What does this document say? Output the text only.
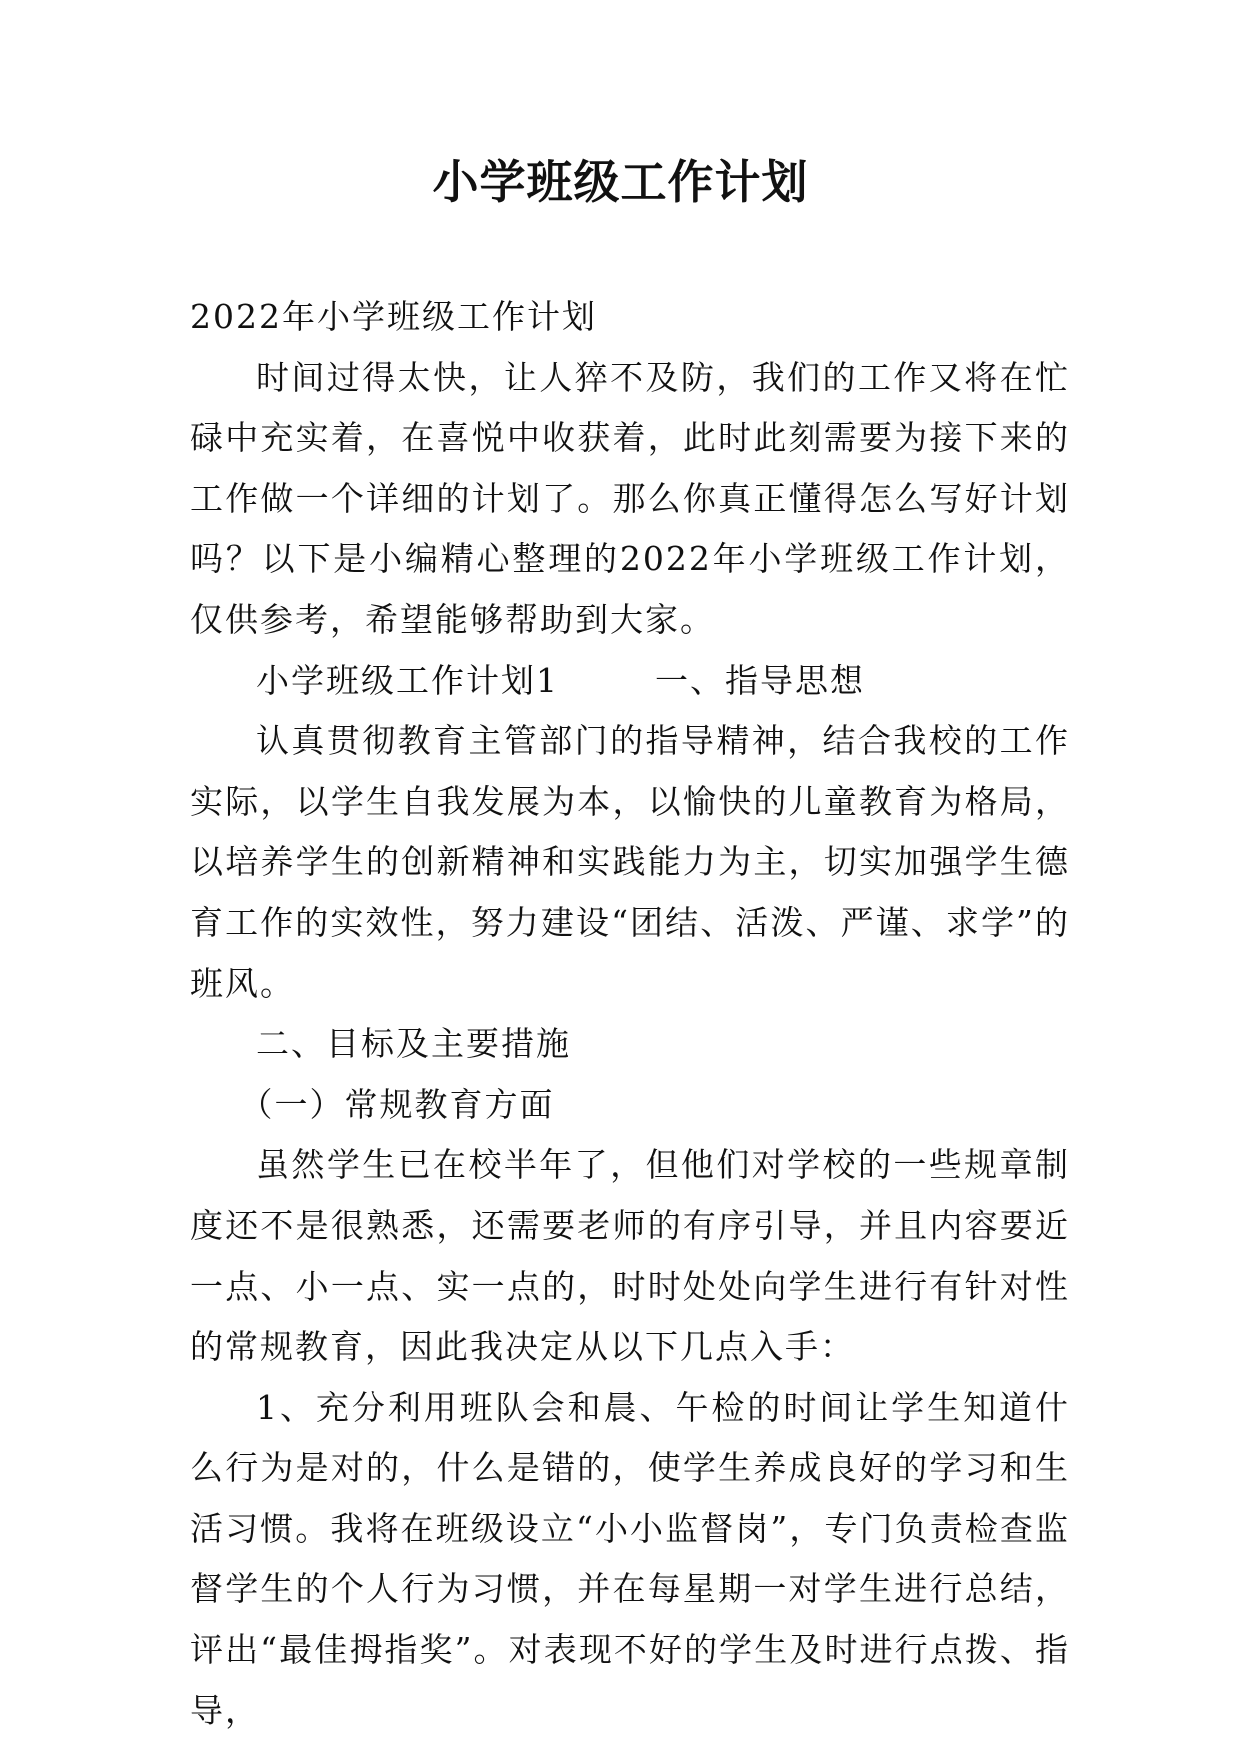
小学班级工作计划

2022年小学班级工作计划

时间过得太快，让人猝不及防，我们的工作又将在忙碌中充实着，在喜悦中收获着，此时此刻需要为接下来的工作做一个详细的计划了。那么你真正懂得怎么写好计划吗？以下是小编精心整理的2022年小学班级工作计划，仅供参考，希望能够帮助到大家。

小学班级工作计划1	一、指导思想

认真贯彻教育主管部门的指导精神，结合我校的工作实际，以学生自我发展为本，以愉快的儿童教育为格局，以培养学生的创新精神和实践能力为主，切实加强学生德育工作的实效性，努力建设“团结、活泼、严谨、求学”的班风。

二、目标及主要措施

（一）常规教育方面

虽然学生已在校半年了，但他们对学校的一些规章制度还不是很熟悉，还需要老师的有序引导，并且内容要近一点、小一点、实一点的，时时处处向学生进行有针对性的常规教育，因此我决定从以下几点入手：

1、充分利用班队会和晨、午检的时间让学生知道什么行为是对的，什么是错的，使学生养成良好的学习和生活习惯。我将在班级设立“小小监督岗”，专门负责检查监督学生的个人行为习惯，并在每星期一对学生进行总结，评出“最佳拇指奖”。对表现不好的学生及时进行点拨、指导，
